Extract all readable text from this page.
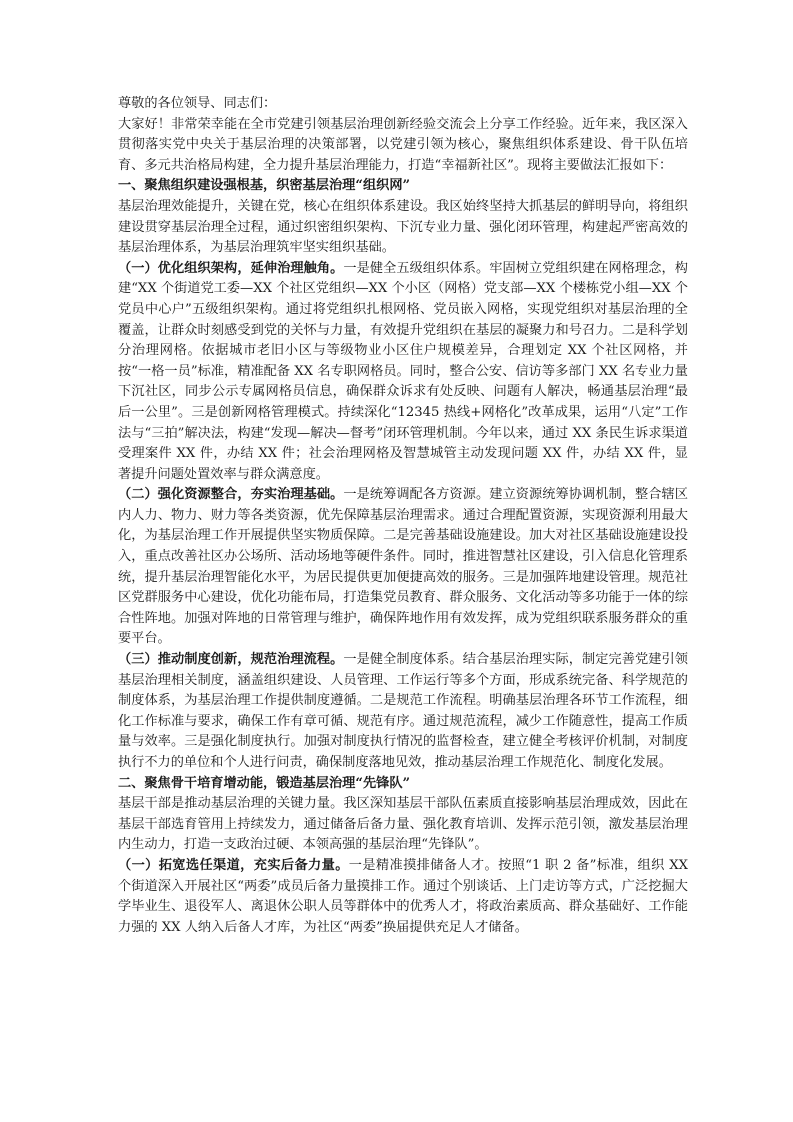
尊敬的各位领导、同志们：

大家好！非常荣幸能在全市党建引领基层治理创新经验交流会上分享工作经验。近年来，我区深入贯彻落实党中央关于基层治理的决策部署，以党建引领为核心，聚焦组织体系建设、骨干队伍培育、多元共治格局构建，全力提升基层治理能力，打造“幸福新社区”。现将主要做法汇报如下：

一、聚焦组织建设强根基，织密基层治理“组织网”

基层治理效能提升，关键在党，核心在组织体系建设。我区始终坚持大抓基层的鲜明导向，将组织建设贯穿基层治理全过程，通过织密组织架构、下沉专业力量、强化闭环管理，构建起严密高效的基层治理体系，为基层治理筑牢坚实组织基础。

（一）优化组织架构，延伸治理触角。一是健全五级组织体系。牢固树立党组织建在网格理念，构建“XX 个街道党工委—XX 个社区党组织—XX 个小区（网格）党支部—XX 个楼栋党小组—XX 个党员中心户”五级组织架构。通过将党组织扎根网格、党员嵌入网格，实现党组织对基层治理的全覆盖，让群众时刻感受到党的关怀与力量，有效提升党组织在基层的凝聚力和号召力。二是科学划分治理网格。依据城市老旧小区与等级物业小区住户规模差异，合理划定 XX 个社区网格，并按“一格一员”标准，精准配备 XX 名专职网格员。同时，整合公安、信访等多部门 XX 名专业力量下沉社区，同步公示专属网格员信息，确保群众诉求有处反映、问题有人解决，畅通基层治理“最后一公里”。三是创新网格管理模式。持续深化“12345 热线+网格化”改革成果，运用“八定”工作法与“三拍”解决法，构建“发现—解决—督考”闭环管理机制。今年以来，通过 XX 条民生诉求渠道受理案件 XX 件，办结 XX 件；社会治理网格及智慧城管主动发现问题 XX 件，办结 XX 件，显著提升问题处置效率与群众满意度。

（二）强化资源整合，夯实治理基础。一是统筹调配各方资源。建立资源统筹协调机制，整合辖区内人力、物力、财力等各类资源，优先保障基层治理需求。通过合理配置资源，实现资源利用最大化，为基层治理工作开展提供坚实物质保障。二是完善基础设施建设。加大对社区基础设施建设投入，重点改善社区办公场所、活动场地等硬件条件。同时，推进智慧社区建设，引入信息化管理系统，提升基层治理智能化水平，为居民提供更加便捷高效的服务。三是加强阵地建设管理。规范社区党群服务中心建设，优化功能布局，打造集党员教育、群众服务、文化活动等多功能于一体的综合性阵地。加强对阵地的日常管理与维护，确保阵地作用有效发挥，成为党组织联系服务群众的重要平台。

（三）推动制度创新，规范治理流程。一是健全制度体系。结合基层治理实际，制定完善党建引领基层治理相关制度，涵盖组织建设、人员管理、工作运行等多个方面，形成系统完备、科学规范的制度体系，为基层治理工作提供制度遵循。二是规范工作流程。明确基层治理各环节工作流程，细化工作标准与要求，确保工作有章可循、规范有序。通过规范流程，减少工作随意性，提高工作质量与效率。三是强化制度执行。加强对制度执行情况的监督检查，建立健全考核评价机制，对制度执行不力的单位和个人进行问责，确保制度落地见效，推动基层治理工作规范化、制度化发展。

二、聚焦骨干培育增动能，锻造基层治理“先锋队”

基层干部是推动基层治理的关键力量。我区深知基层干部队伍素质直接影响基层治理成效，因此在基层干部选育管用上持续发力，通过储备后备力量、强化教育培训、发挥示范引领，激发基层治理内生动力，打造一支政治过硬、本领高强的基层治理“先锋队”。

（一）拓宽选任渠道，充实后备力量。一是精准摸排储备人才。按照“1 职 2 备”标准，组织 XX 个街道深入开展社区“两委”成员后备力量摸排工作。通过个别谈话、上门走访等方式，广泛挖掘大学毕业生、退役军人、离退休公职人员等群体中的优秀人才，将政治素质高、群众基础好、工作能力强的 XX 人纳入后备人才库，为社区“两委”换届提供充足人才储备。
